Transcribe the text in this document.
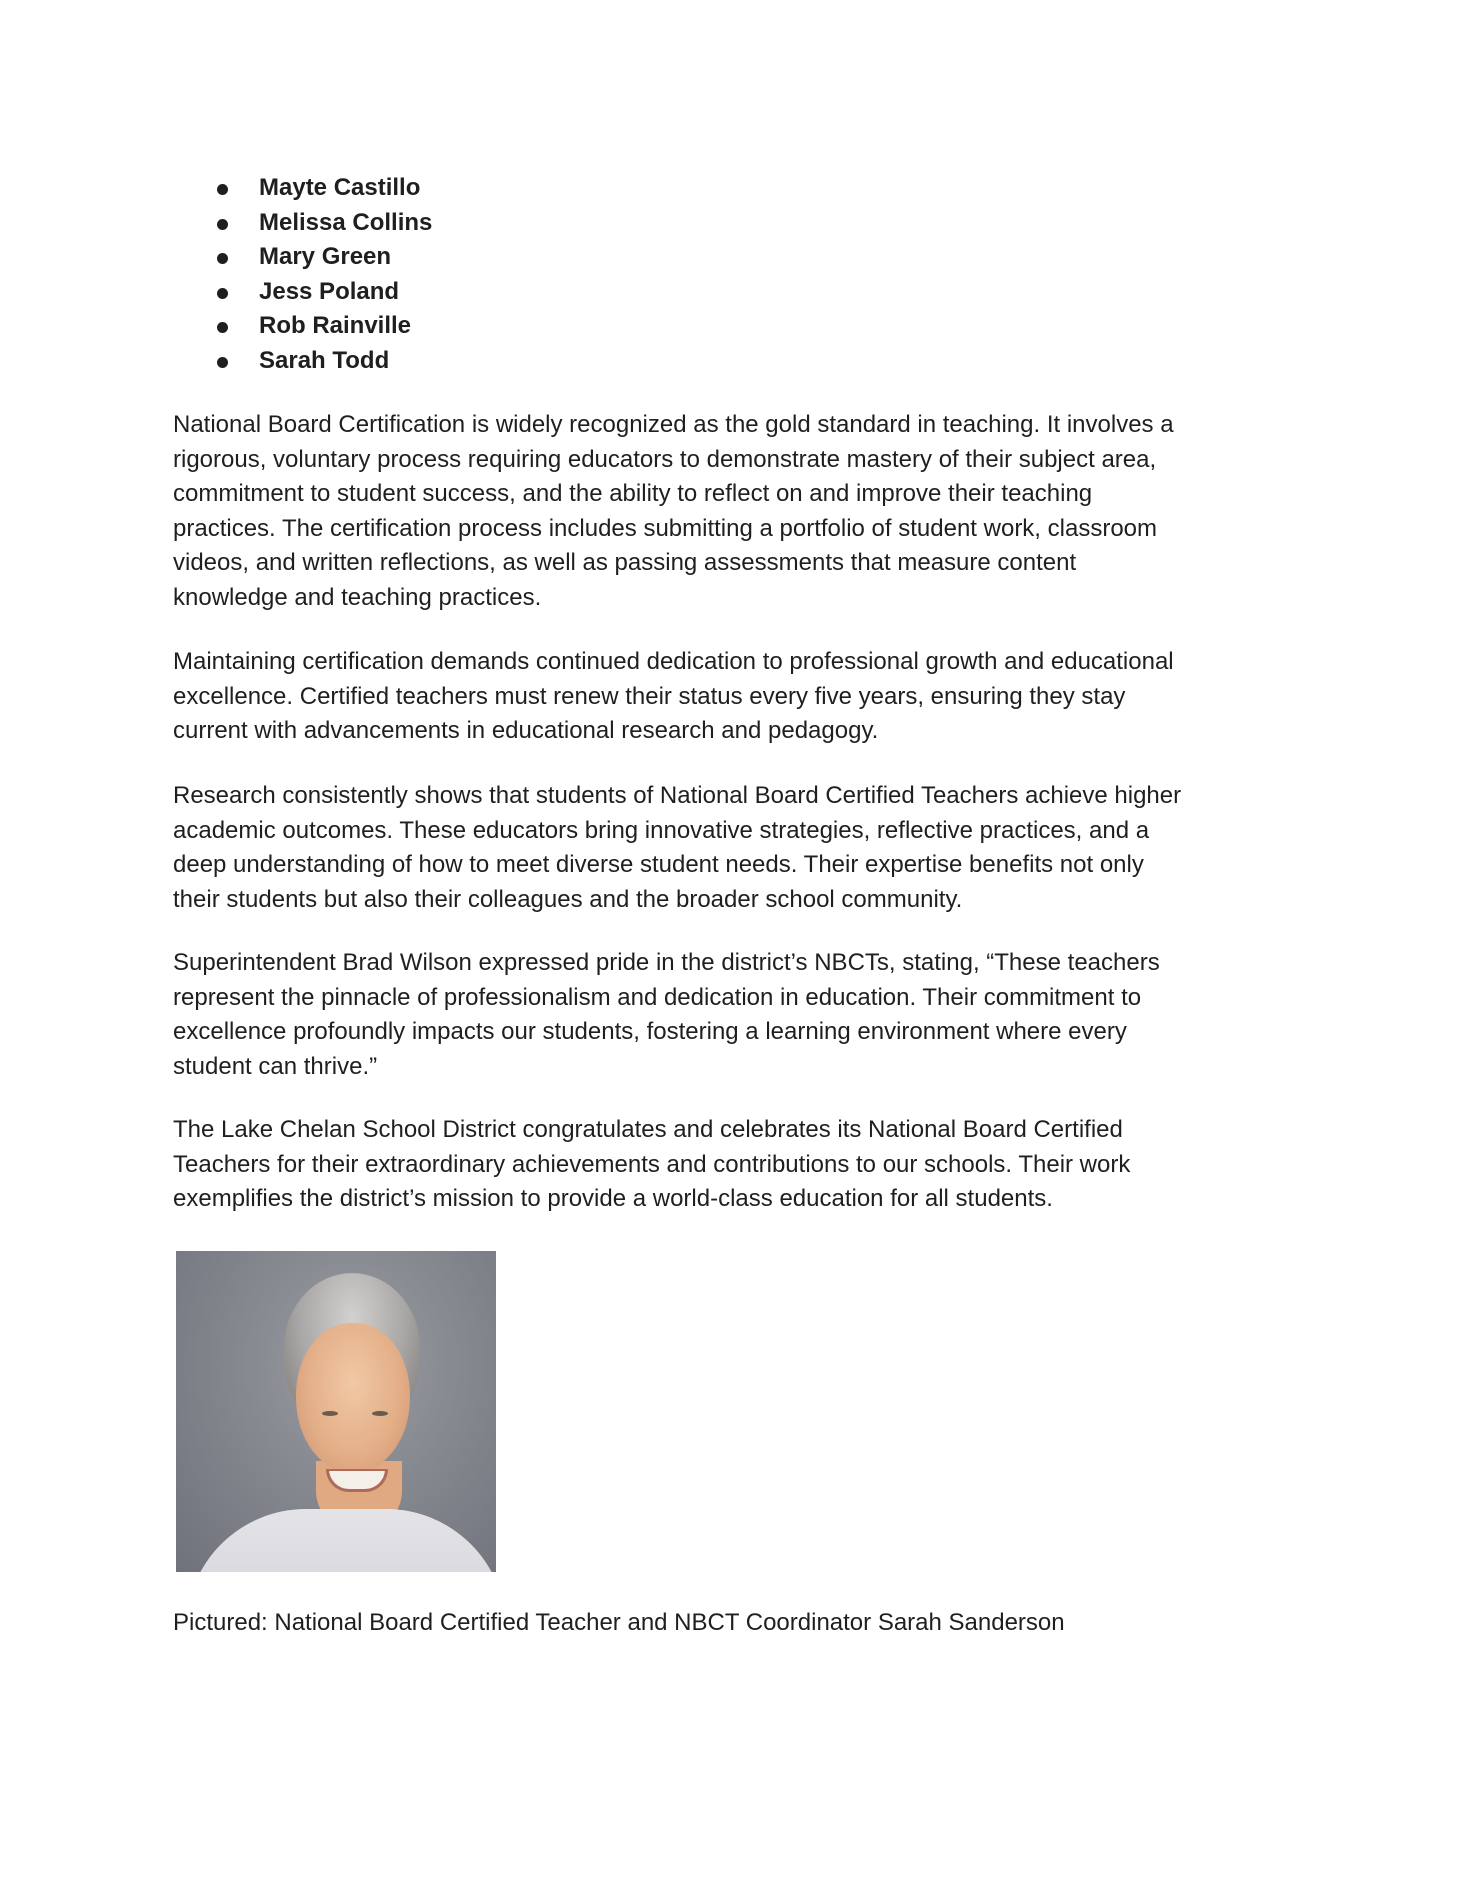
Mayte Castillo
Melissa Collins
Mary Green
Jess Poland
Rob Rainville
Sarah Todd
National Board Certification is widely recognized as the gold standard in teaching. It involves a
rigorous, voluntary process requiring educators to demonstrate mastery of their subject area,
commitment to student success, and the ability to reflect on and improve their teaching
practices. The certification process includes submitting a portfolio of student work, classroom
videos, and written reflections, as well as passing assessments that measure content
knowledge and teaching practices.
Maintaining certification demands continued dedication to professional growth and educational
excellence. Certified teachers must renew their status every five years, ensuring they stay
current with advancements in educational research and pedagogy.
Research consistently shows that students of National Board Certified Teachers achieve higher
academic outcomes. These educators bring innovative strategies, reflective practices, and a
deep understanding of how to meet diverse student needs. Their expertise benefits not only
their students but also their colleagues and the broader school community.
Superintendent Brad Wilson expressed pride in the district’s NBCTs, stating, “These teachers
represent the pinnacle of professionalism and dedication in education. Their commitment to
excellence profoundly impacts our students, fostering a learning environment where every
student can thrive.”
The Lake Chelan School District congratulates and celebrates its National Board Certified
Teachers for their extraordinary achievements and contributions to our schools. Their work
exemplifies the district’s mission to provide a world-class education for all students.
Pictured: National Board Certified Teacher and NBCT Coordinator Sarah Sanderson
